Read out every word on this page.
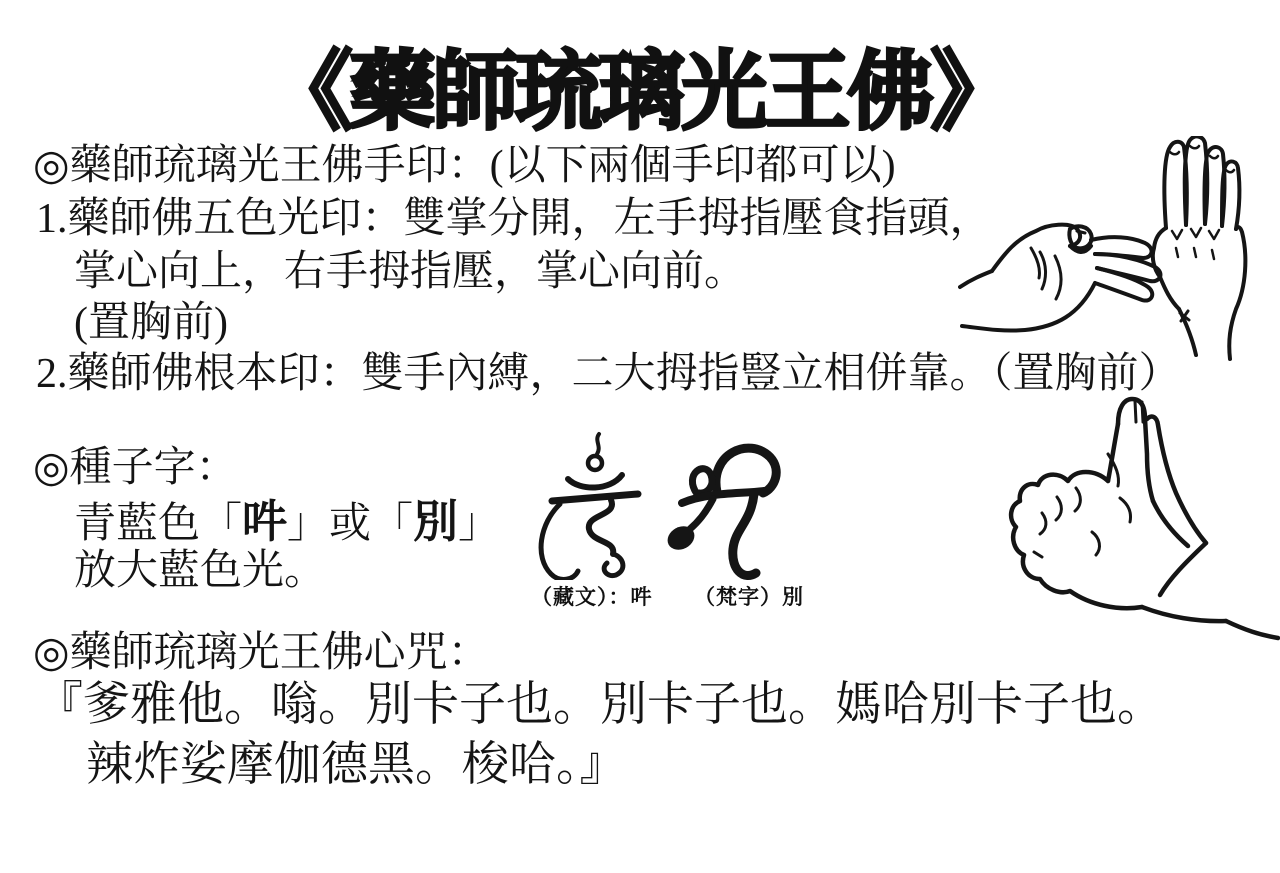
《藥師琉璃光王佛》
◎藥師琉璃光王佛手印：(以下兩個手印都可以)
1.藥師佛五色光印：雙掌分開，左手拇指壓食指頭，
掌心向上，右手拇指壓，掌心向前。
(置胸前)
2.藥師佛根本印：雙手內縛，二大拇指豎立相併靠。（置胸前）
◎種子字：
青藍色「吽」或「別」
放大藍色光。
（藏文）：吽 （梵字）別
◎藥師琉璃光王佛心咒：
『爹雅他。嗡。別卡子也。別卡子也。媽哈別卡子也。
辣炸娑摩伽德黑。梭哈。』
